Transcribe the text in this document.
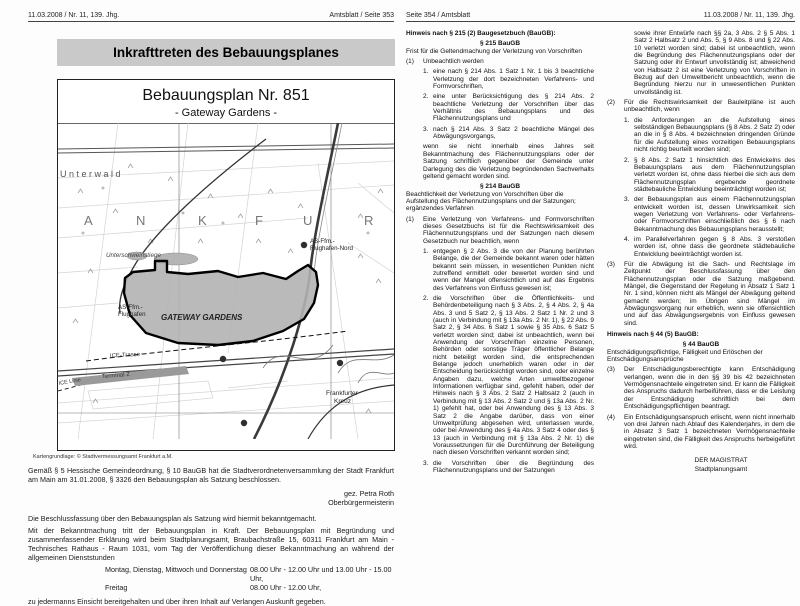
11.03.2008 / Nr. 11, 139. Jhg.	Amtsblatt / Seite 353
Inkrafttreten des Bebauungsplanes
Bebauungsplan Nr. 851
- Gateway Gardens -
Unterwald
A	N	K	F	U	R
Unterschweinstiege
AS-Ffm.-
Flughafen-Nord
AS-Ffm.-
Flughafen GATEWAY GARDENS
ICE-Trasse
ICE Linie
Terminal 2
Frankfurter
Kreuz
Kartengrundlage: © Stadtvermessungsamt Frankfurt a.M.
Gemäß § 5 Hessische Gemeindeordnung, § 10 BauGB hat die Stadtverordnetenversammlung der Stadt Frankfurt am Main am 31.01.2008, § 3326 den Bebauungsplan als Satzung beschlossen.
gez. Petra Roth
Oberbürgermeisterin
Die Beschlussfassung über den Bebauungsplan als Satzung wird hiermit bekanntgemacht.
Mit der Bekanntmachung tritt der Bebauungsplan in Kraft. Der Bebauungsplan mit Begründung und zusammenfassender Erklärung wird beim Stadtplanungsamt, Braubachstraße 15, 60311 Frankfurt am Main - Technisches Rathaus - Raum 1031, vom Tag der Veröffentlichung dieser Bekanntmachung an während der allgemeinen Dienststunden
Montag, Dienstag, Mittwoch und Donnerstag 08.00 Uhr - 12.00 Uhr und 13.00 Uhr - 15.00 Uhr,
Freitag	08.00 Uhr - 12.00 Uhr,
zu jedermanns Einsicht bereitgehalten und über ihren Inhalt auf Verlangen Auskunft gegeben.
Seite 354 / Amtsblatt	11.03.2008 / Nr. 11, 139. Jhg.
Hinweis nach § 215 (2) Baugesetzbuch (BauGB):
§ 215 BauGB
Frist für die Geltendmachung der Verletzung von Vorschriften
(1)	Unbeachtlich werden
1. eine nach § 214 Abs. 1 Satz 1 Nr. 1 bis 3 beachtliche Verletzung der dort bezeichneten Verfahrens- und Formvorschriften,
2. eine unter Berücksichtigung des § 214 Abs. 2 beachtliche Verletzung der Vorschriften über das Verhältnis des Bebauungsplans und des Flächennutzungsplans und
3. nach § 214 Abs. 3 Satz 2 beachtliche Mängel des Abwägungsvorgangs,
wenn sie nicht innerhalb eines Jahres seit Bekanntmachung des Flächennutzungsplans oder der Satzung schriftlich gegenüber der Gemeinde unter Darlegung des die Verletzung begründenden Sachverhalts geltend gemacht worden sind.
§ 214 BauGB
Beachtlichkeit der Verletzung von Vorschriften über die Aufstellung des Flächennutzungsplans und der Satzungen; ergänzendes Verfahren
(1)	Eine Verletzung von Verfahrens- und Formvorschriften dieses Gesetzbuchs ist für die Rechtswirksamkeit des Flächennutzungsplans und der Satzungen nach diesem Gesetzbuch nur beachtlich, wenn
1. entgegen § 2 Abs. 3 die von der Planung berührten Belange, die der Gemeinde bekannt waren oder hätten bekannt sein müssen, in wesentlichen Punkten nicht zutreffend ermittelt oder bewertet worden sind und wenn der Mangel offensichtlich und auf das Ergebnis des Verfahrens von Einfluss gewesen ist;
2. die Vorschriften über die Öffentlichkeits- und Behördenbeteiligung nach § 3 Abs. 2, § 4 Abs. 2, § 4a Abs. 3 und 5 Satz 2, § 13 Abs. 2 Satz 1 Nr. 2 und 3 (auch in Verbindung mit § 13a Abs. 2 Nr. 1), § 22 Abs. 9 Satz 2, § 34 Abs. 6 Satz 1 sowie § 35 Abs. 6 Satz 5 verletzt worden sind; dabei ist unbeachtlich, wenn bei Anwendung der Vorschriften einzelne Personen, Behörden oder sonstige Träger öffentlicher Belange nicht beteiligt worden sind, die entsprechenden Belange jedoch unerheblich waren oder in der Entscheidung berücksichtigt worden sind, oder einzelne Angaben dazu, welche Arten umweltbezogener Informationen verfügbar sind, gefehlt haben, oder der Hinweis nach § 3 Abs. 2 Satz 2 Halbsatz 2 (auch in Verbindung mit § 13 Abs. 2 Satz 2 und § 13a Abs. 2 Nr. 1) gefehlt hat, oder bei Anwendung des § 13 Abs. 3 Satz 2 die Angabe darüber, dass von einer Umweltprüfung abgesehen wird, unterlassen wurde, oder bei Anwendung des § 4a Abs. 3 Satz 4 oder des § 13 (auch in Verbindung mit § 13a Abs. 2 Nr. 1) die Voraussetzungen für die Durchführung der Beteiligung nach diesen Vorschriften verkannt worden sind;
3. die Vorschriften über die Begründung des Flächennutzungsplans und der Satzungen
sowie ihrer Entwürfe nach §§ 2a, 3 Abs. 2 § 5 Abs. 1 Satz 2 Halbsatz 2 und Abs. 5, § 9 Abs. 8 und § 22 Abs. 10 verletzt worden sind; dabei ist unbeachtlich, wenn die Begründung des Flächennutzungsplans oder der Satzung oder ihr Entwurf unvollständig ist; abweichend von Halbsatz 2 ist eine Verletzung von Vorschriften in Bezug auf den Umweltbericht unbeachtlich, wenn die Begründung hierzu nur in unwesentlichen Punkten unvollständig ist.
(2)	Für die Rechtswirksamkeit der Bauleitpläne ist auch unbeachtlich, wenn
1. die Anforderungen an die Aufstellung eines selbständigen Bebauungsplans (§ 8 Abs. 2 Satz 2) oder an die in § 8 Abs. 4 bezeichneten dringenden Gründe für die Aufstellung eines vorzeitigen Bebauungsplans nicht richtig beurteilt worden sind;
2. § 8 Abs. 2 Satz 1 hinsichtlich des Entwickelns des Bebauungsplans aus dem Flächennutzungsplan verletzt worden ist, ohne dass hierbei die sich aus dem Flächennutzungsplan ergebende geordnete städtebauliche Entwicklung beeinträchtigt worden ist;
3. der Bebauungsplan aus einem Flächennutzungsplan entwickelt worden ist, dessen Unwirksamkeit sich wegen Verletzung von Verfahrens- oder Verfahrens- oder Formvorschriften einschließlich des § 6 nach Bekanntmachung des Bebauungsplans herausstellt;
4. im Parallelverfahren gegen § 8 Abs. 3 verstoßen worden ist, ohne dass die geordnete städtebauliche Entwicklung beeinträchtigt worden ist.
(3)	Für die Abwägung ist die Sach- und Rechtslage im Zeitpunkt der Beschlussfassung über den Flächennutzungsplan oder die Satzung maßgebend. Mängel, die Gegenstand der Regelung in Absatz 1 Satz 1 Nr. 1 sind, können nicht als Mängel der Abwägung geltend gemacht werden; im Übrigen sind Mängel im Abwägungsvorgang nur erheblich, wenn sie offensichtlich und auf das Abwägungsergebnis von Einfluss gewesen sind.
Hinweis nach § 44 (5) BauGB:
§ 44 BauGB
Entschädigungspflichtige, Fälligkeit und Erlöschen der Entschädigungsansprüche
(3)	Der Entschädigungsberechtigte kann Entschädigung verlangen, wenn die in den §§ 39 bis 42 bezeichneten Vermögensnachteile eingetreten sind. Er kann die Fälligkeit des Anspruchs dadurch herbeiführen, dass er die Leistung der Entschädigung schriftlich bei dem Entschädigungspflichtigen beantragt.
(4)	Ein Entschädigungsanspruch erlischt, wenn nicht innerhalb von drei Jahren nach Ablauf des Kalenderjahrs, in dem die in Absatz 3 Satz 1 bezeichneten Vermögensnachteile eingetreten sind, die Fälligkeit des Anspruchs herbeigeführt wird.
DER MAGISTRAT
Stadtplanungsamt
